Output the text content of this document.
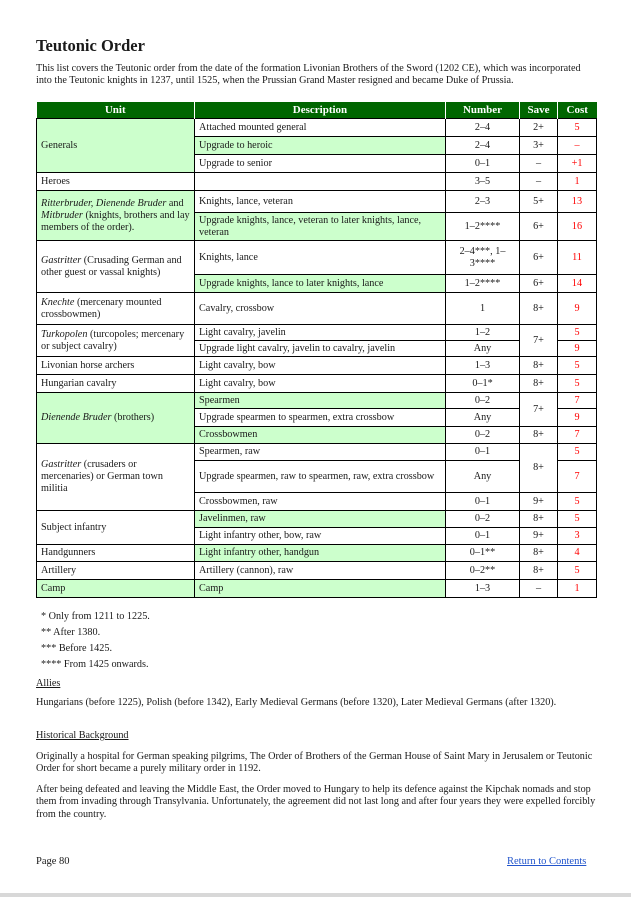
Teutonic Order

This list covers the Teutonic order from the date of the formation Livonian Brothers of the Sword (1202 CE), which was incorporated into the Teutonic knights in 1237, until 1525, when the Prussian Grand Master resigned and became Duke of Prussia.

Unit	Description	Number	Save	Cost
Generals	Attached mounted general	2–4	2+	5
	Upgrade to heroic	2–4	3+	–
	Upgrade to senior	0–1	–	+1
Heroes		3–5	–	1
Ritterbruder, Dienende Bruder and Mitbruder (knights, brothers and lay members of the order).	Knights, lance, veteran	2–3	5+	13
	Upgrade knights, lance, veteran to later knights, lance, veteran	1–2****	6+	16
Gastritter (Crusading German and other guest or vassal knights)	Knights, lance	2–4***, 1–3****	6+	11
	Upgrade knights, lance to later knights, lance	1–2****	6+	14
Knechte (mercenary mounted crossbowmen)	Cavalry, crossbow	1	8+	9
Turkopolen (turcopoles; mercenary or subject cavalry)	Light cavalry, javelin	1–2	7+	5
	Upgrade light cavalry, javelin to cavalry, javelin	Any		9
Livonian horse archers	Light cavalry, bow	1–3	8+	5
Hungarian cavalry	Light cavalry, bow	0–1*	8+	5
Dienende Bruder (brothers)	Spearmen	0–2	7+	7
	Upgrade spearmen to spearmen, extra crossbow	Any		9
	Crossbowmen	0–2	8+	7
Gastritter (crusaders or mercenaries) or German town militia	Spearmen, raw	0–1	8+	5
	Upgrade spearmen, raw to spearmen, raw, extra crossbow	Any		7
	Crossbowmen, raw	0–1	9+	5
Subject infantry	Javelinmen, raw	0–2	8+	5
	Light infantry other, bow, raw	0–1	9+	3
Handgunners	Light infantry other, handgun	0–1**	8+	4
Artillery	Artillery (cannon), raw	0–2**	8+	5
Camp	Camp	1–3	–	1
* Only from 1211 to 1225.
** After 1380.
*** Before 1425.
**** From 1425 onwards.
Allies

Hungarians (before 1225), Polish (before 1342), Early Medieval Germans (before 1320), Later Medieval Germans (after 1320).

Historical Background

Originally a hospital for German speaking pilgrims, The Order of Brothers of the German House of Saint Mary in Jerusalem or Teutonic Order for short became a purely military order in 1192.

After being defeated and leaving the Middle East, the Order moved to Hungary to help its defence against the Kipchak nomads and stop them from invading through Transylvania. Unfortunately, the agreement did not last long and after four years they were expelled forcibly from the country.

Page 80	Return to Contents
